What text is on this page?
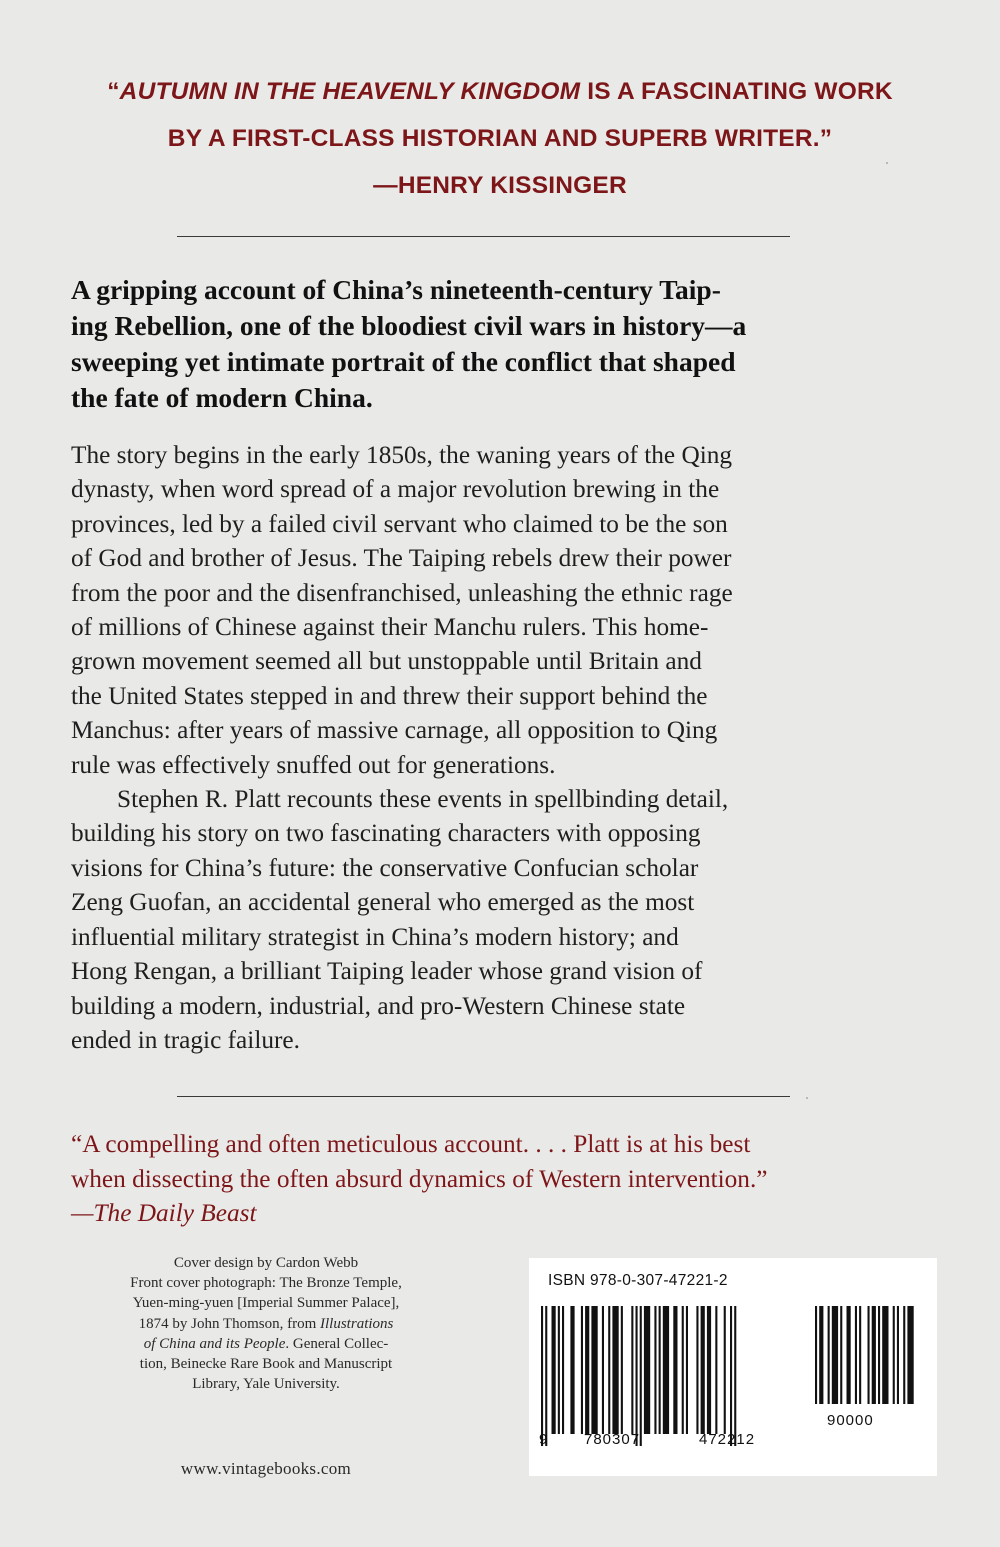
“AUTUMN IN THE HEAVENLY KINGDOM IS A FASCINATING WORK
BY A FIRST-CLASS HISTORIAN AND SUPERB WRITER.”
—HENRY KISSINGER
A gripping account of China’s nineteenth-century Taip-
ing Rebellion, one of the bloodiest civil wars in history—a
sweeping yet intimate portrait of the conflict that shaped
the fate of modern China.
The story begins in the early 1850s, the waning years of the Qing
dynasty, when word spread of a major revolution brewing in the
provinces, led by a failed civil servant who claimed to be the son
of God and brother of Jesus. The Taiping rebels drew their power
from the poor and the disenfranchised, unleashing the ethnic rage
of millions of Chinese against their Manchu rulers. This home-
grown movement seemed all but unstoppable until Britain and
the United States stepped in and threw their support behind the
Manchus: after years of massive carnage, all opposition to Qing
rule was effectively snuffed out for generations.
Stephen R. Platt recounts these events in spellbinding detail,
building his story on two fascinating characters with opposing
visions for China’s future: the conservative Confucian scholar
Zeng Guofan, an accidental general who emerged as the most
influential military strategist in China’s modern history; and
Hong Rengan, a brilliant Taiping leader whose grand vision of
building a modern, industrial, and pro-Western Chinese state
ended in tragic failure.
“A compelling and often meticulous account. . . . Platt is at his best
when dissecting the often absurd dynamics of Western intervention.”
—The Daily Beast
Cover design by Cardon Webb
Front cover photograph: The Bronze Temple,
Yuen-ming-yuen [Imperial Summer Palace],
1874 by John Thomson, from Illustrations
of China and its People. General Collec-
tion, Beinecke Rare Book and Manuscript
Library, Yale University.
www.vintagebooks.com
ISBN 978-0-307-47221-2
9 780307	472212
90000
